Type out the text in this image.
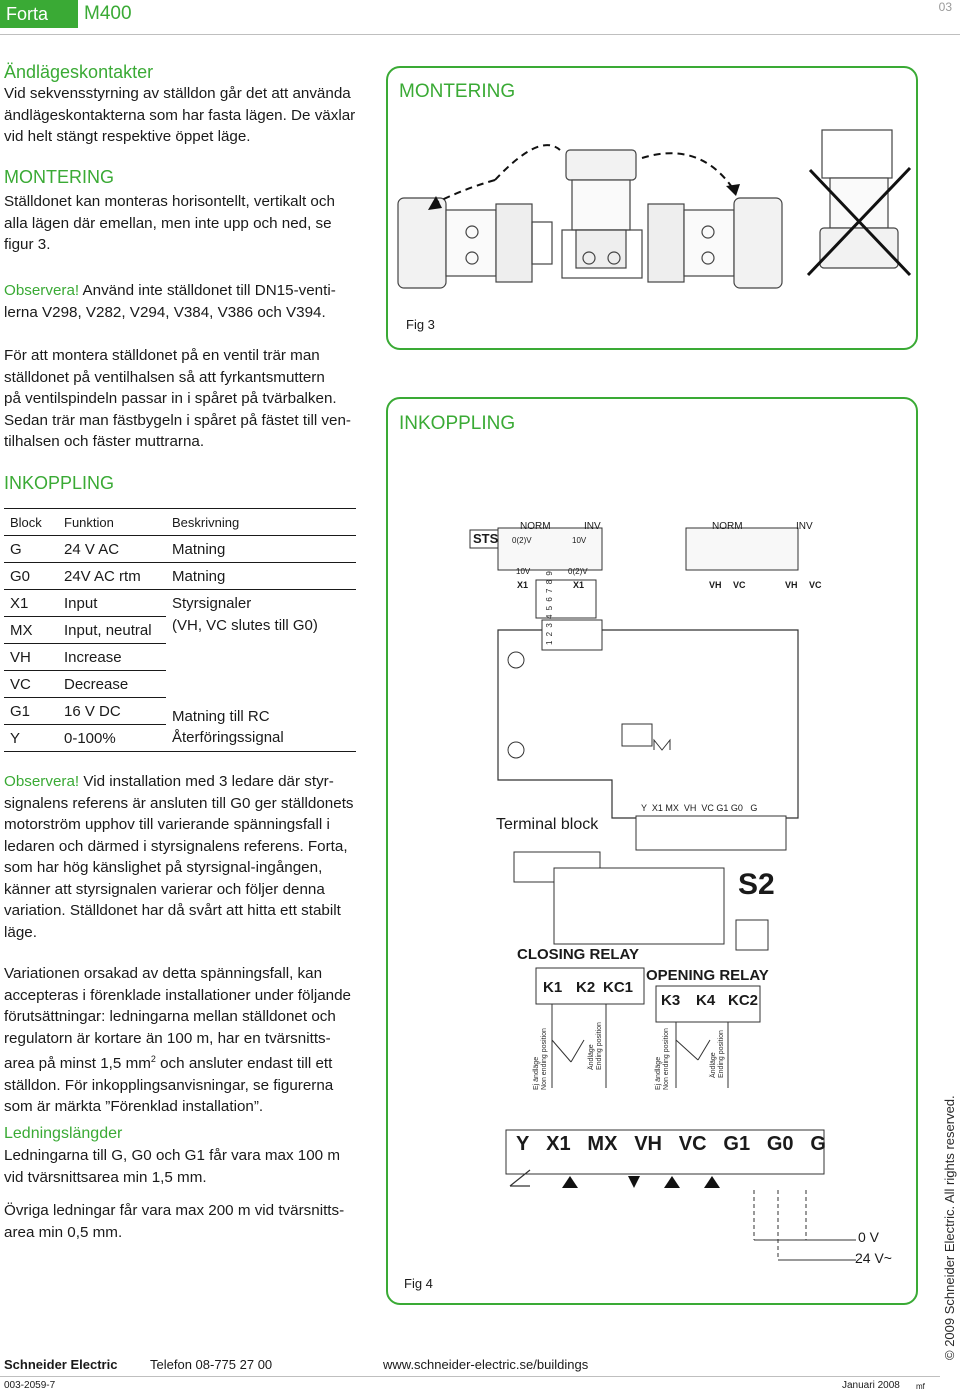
Forta	M400	03
Ändlägeskontakter
Vid sekvensstyrning av ställdon går det att använda
ändlägeskontakterna som har fasta lägen. De växlar
vid helt stängt respektive öppet läge.
MONTERING
Ställdonet kan monteras horisontellt, vertikalt och
alla lägen där emellan, men inte upp och ned, se
figur 3.
Observera! Använd inte ställdonet till DN15-venti-
lerna V298, V282, V294, V384, V386 och V394.
För att montera ställdonet på en ventil trär man
ställdonet på ventilhalsen så att fyrkantsmuttern
på ventilspindeln passar in i spåret på tvärbalken.
Sedan trär man fästbygeln i spåret på fästet till ven-
tilhalsen och fäster muttrarna.
INKOPPLING
Block	Funktion	Beskrivning
G	24 V AC	Matning
G0	24V AC rtm	Matning
X1	Input	Styrsignaler
MX	Input, neutral	(VH, VC slutes till G0)
VH	Increase	
VC	Decrease	
G1	16 V DC	Matning till RC
Y	0-100%	Återföringssignal
Observera! Vid installation med 3 ledare där styr-
signalens referens är ansluten till G0 ger ställdonets
motorström upphov till varierande spänningsfall i
ledaren och därmed i styrsignalens referens. Forta,
som har hög känslighet på styrsignal-ingången,
känner att styrsignalen varierar och följer denna
variation. Ställdonet har då svårt att hitta ett stabilt
läge.
Variationen orsakad av detta spänningsfall, kan
accepteras i förenklade installationer under följande
förutsättningar: ledningarna mellan ställdonet och
regulatorn är kortare än 100 m, har en tvärsnitts-
area på minst 1,5 $mm^2$ och ansluter endast till ett
ställdon. För inkopplingsanvisningar, se figurerna
som är märkta ”Förenklad installation”.
Ledningslängder
Ledningarna till G, G0 och G1 får vara max 100 m
vid tvärsnittsarea min 1,5 mm.
Övriga ledningar får vara max 200 m vid tvärsnitts-
area min 0,5 mm.
MONTERING
Fig 3
INKOPPLING
Fig 4
STS
NORM	INV	NORM	INV
0(2)V	10V
10V	0(2)V
X1	X1	VH VC	VH VC
1 2 3 4 5 6 7 8 9
Terminal block
Y  X1 MX  VH  VC G1 G0   G
S2
CLOSING RELAY
OPENING RELAY
K1 K2 KC1
K3 K4 KC2
Ej ändläge Non ending position	Ändläge Ending position
Ej ändläge Non ending position	Ändläge Ending position
Y X1 MX VH VC G1 G0 G
0 V
24 V~	© 2009 Schneider Electric. All rights reserved.
Schneider Electric	Telefon 08-775 27 00	www.schneider-electric.se/buildings
003-2059-7	Januari 2008 mf
